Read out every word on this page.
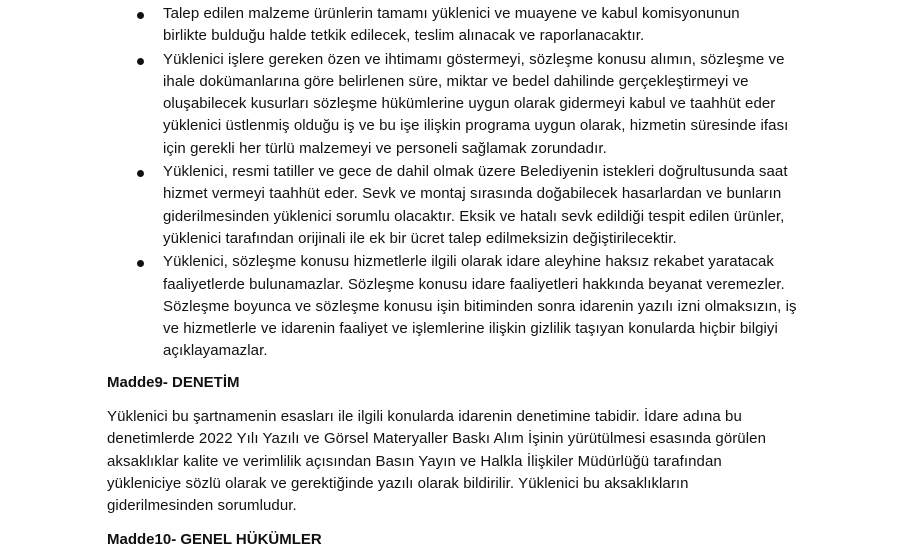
Talep edilen malzeme ürünlerin tamamı yüklenici ve muayene ve kabul komisyonunun
birlikte bulduğu halde tetkik edilecek, teslim alınacak ve raporlanacaktır.
Yüklenici işlere gereken özen ve ihtimamı göstermeyi, sözleşme konusu alımın, sözleşme ve
ihale dokümanlarına göre belirlenen süre, miktar ve bedel dahilinde gerçekleştirmeyi ve
oluşabilecek kusurları sözleşme hükümlerine uygun olarak gidermeyi kabul ve taahhüt eder
yüklenici üstlenmiş olduğu iş ve bu işe ilişkin programa uygun olarak, hizmetin süresinde ifası
için gerekli her türlü malzemeyi ve personeli sağlamak zorundadır.
Yüklenici, resmi tatiller ve gece de dahil olmak üzere Belediyenin istekleri doğrultusunda saat
hizmet vermeyi taahhüt eder. Sevk ve montaj sırasında doğabilecek hasarlardan ve bunların
giderilmesinden yüklenici sorumlu olacaktır. Eksik ve hatalı sevk edildiği tespit edilen ürünler,
yüklenici tarafından orijinali ile ek bir ücret talep edilmeksizin değiştirilecektir.
Yüklenici, sözleşme konusu hizmetlerle ilgili olarak idare aleyhine haksız rekabet yaratacak
faaliyetlerde bulunamazlar. Sözleşme konusu idare faaliyetleri hakkında beyanat veremezler.
Sözleşme boyunca ve sözleşme konusu işin bitiminden sonra idarenin yazılı izni olmaksızın, iş
ve hizmetlerle ve idarenin faaliyet ve işlemlerine ilişkin gizlilik taşıyan konularda hiçbir bilgiyi
açıklayamazlar.
Madde9- DENETİM
Yüklenici bu şartnamenin esasları ile ilgili konularda idarenin denetimine tabidir. İdare adına bu
denetimlerde 2022 Yılı Yazılı ve Görsel Materyaller Baskı Alım İşinin yürütülmesi esasında görülen
aksaklıklar kalite ve verimlilik açısından Basın Yayın ve Halkla İlişkiler Müdürlüğü tarafından
yükleniciye sözlü olarak ve gerektiğinde yazılı olarak bildirilir. Yüklenici bu aksaklıkların
giderilmesinden sorumludur.
Madde10- GENEL HÜKÜMLER
